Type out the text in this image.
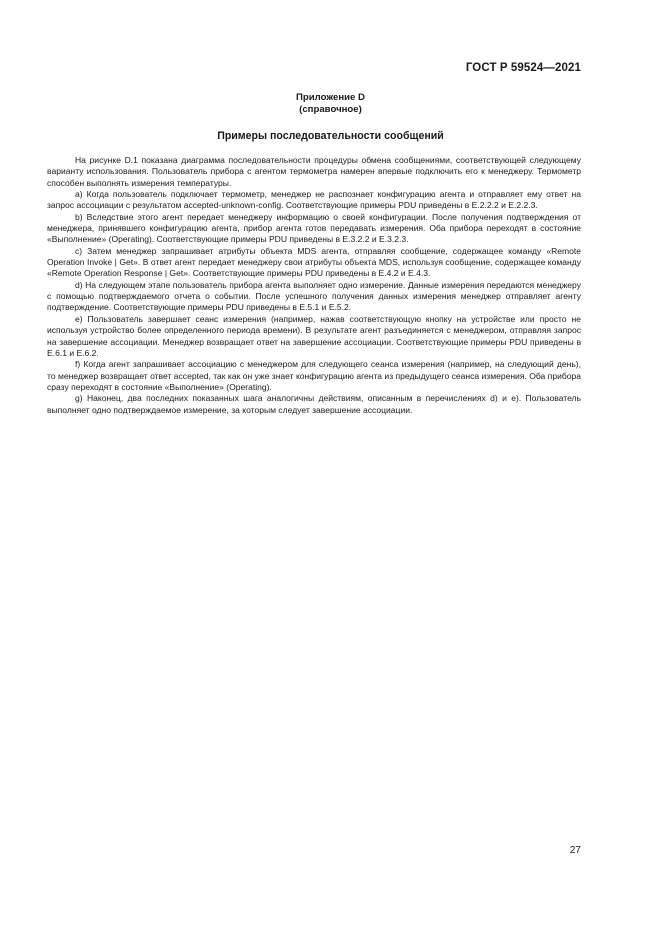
ГОСТ Р 59524—2021
Приложение D
(справочное)
Примеры последовательности сообщений

На рисунке D.1 показана диаграмма последовательности процедуры обмена сообщениями, соответствующей следующему варианту использования. Пользователь прибора с агентом термометра намерен впервые подключить его к менеджеру. Термометр способен выполнять измерения температуры.

a) Когда пользователь подключает термометр, менеджер не распознает конфигурацию агента и отправляет ему ответ на запрос ассоциации с результатом accepted-unknown-config. Соответствующие примеры PDU приведены в E.2.2.2 и E.2.2.3.

b) Вследствие этого агент передает менеджеру информацию о своей конфигурации. После получения подтверждения от менеджера, принявшего конфигурацию агента, прибор агента готов передавать измерения. Оба прибора переходят в состояние «Выполнение» (Operating). Соответствующие примеры PDU приведены в E.3.2.2 и E.3.2.3.

c) Затем менеджер запрашивает атрибуты объекта MDS агента, отправляя сообщение, содержащее команду «Remote Operation Invoke | Get». В ответ агент передает менеджеру свои атрибуты объекта MDS, используя сообщение, содержащее команду «Remote Operation Response | Get». Соответствующие примеры PDU приведены в E.4.2 и E.4.3.

d) На следующем этапе пользователь прибора агента выполняет одно измерение. Данные измерения передаются менеджеру с помощью подтверждаемого отчета о событии. После успешного получения данных измерения менеджер отправляет агенту подтверждение. Соответствующие примеры PDU приведены в E.5.1 и E.5.2.

e) Пользователь завершает сеанс измерения (например, нажав соответствующую кнопку на устройстве или просто не используя устройство более определенного периода времени). В результате агент разъединяется с менеджером, отправляя запрос на завершение ассоциации. Менеджер возвращает ответ на завершение ассоциации. Соответствующие примеры PDU приведены в E.6.1 и E.6.2.

f) Когда агент запрашивает ассоциацию с менеджером для следующего сеанса измерения (например, на следующий день), то менеджер возвращает ответ accepted, так как он уже знает конфигурацию агента из предыдущего сеанса измерения. Оба прибора сразу переходят в состояние «Выполнение» (Operating).

g) Наконец, два последних показанных шага аналогичны действиям, описанным в перечислениях d) и e). Пользователь выполняет одно подтверждаемое измерение, за которым следует завершение ассоциации.

27
